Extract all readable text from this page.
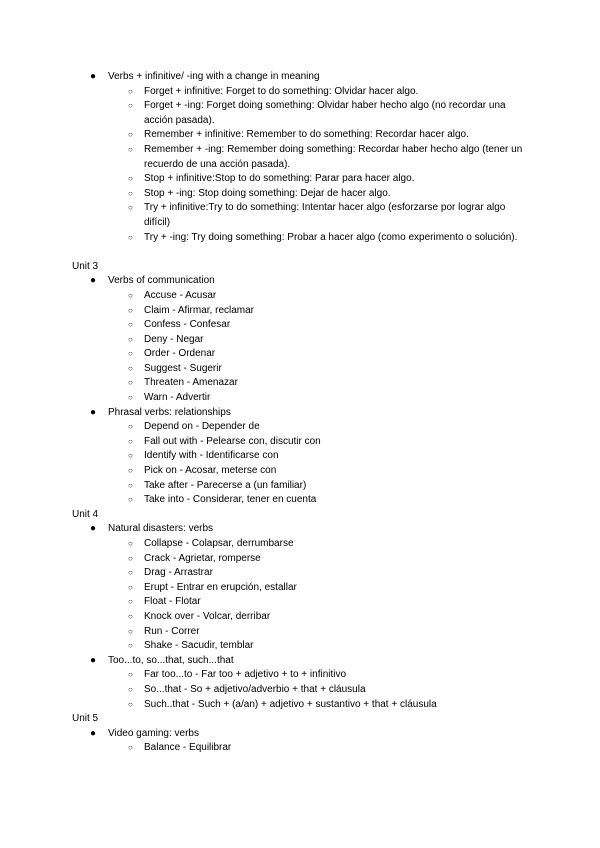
● Verbs + infinitive/ -ing with a change in meaning
○ Forget + infinitive: Forget to do something: Olvidar hacer algo.
○ Forget + -ing: Forget doing something: Olvidar haber hecho algo (no recordar una acción pasada).
○ Remember + infinitive: Remember to do something: Recordar hacer algo.
○ Remember + -ing: Remember doing something: Recordar haber hecho algo (tener un recuerdo de una acción pasada).
○ Stop + infinitive:Stop to do something: Parar para hacer algo.
○ Stop + -ing: Stop doing something: Dejar de hacer algo.
○ Try + infinitive:Try to do something: Intentar hacer algo (esforzarse por lograr algo difícil)
○ Try + -ing: Try doing something: Probar a hacer algo (como experimento o solución).
Unit 3
● Verbs of communication
○ Accuse - Acusar
○ Claim - Afirmar, reclamar
○ Confess - Confesar
○ Deny - Negar
○ Order - Ordenar
○ Suggest - Sugerir
○ Threaten - Amenazar
○ Warn - Advertir
● Phrasal verbs: relationships
○ Depend on - Depender de
○ Fall out with - Pelearse con, discutir con
○ Identify with - Identificarse con
○ Pick on - Acosar, meterse con
○ Take after - Parecerse a (un familiar)
○ Take into - Considerar, tener en cuenta
Unit 4
● Natural disasters: verbs
○ Collapse - Colapsar, derrumbarse
○ Crack - Agrietar, romperse
○ Drag - Arrastrar
○ Erupt - Entrar en erupción, estallar
○ Float - Flotar
○ Knock over - Volcar, derribar
○ Run - Correr
○ Shake - Sacudir, temblar
● Too...to, so...that, such...that
○ Far too...to - Far too + adjetivo + to + infinitivo
○ So...that - So + adjetivo/adverbio + that + cláusula
○ Such..that - Such + (a/an) + adjetivo + sustantivo + that + cláusula
Unit 5
● Video gaming: verbs
○ Balance - Equilibrar
